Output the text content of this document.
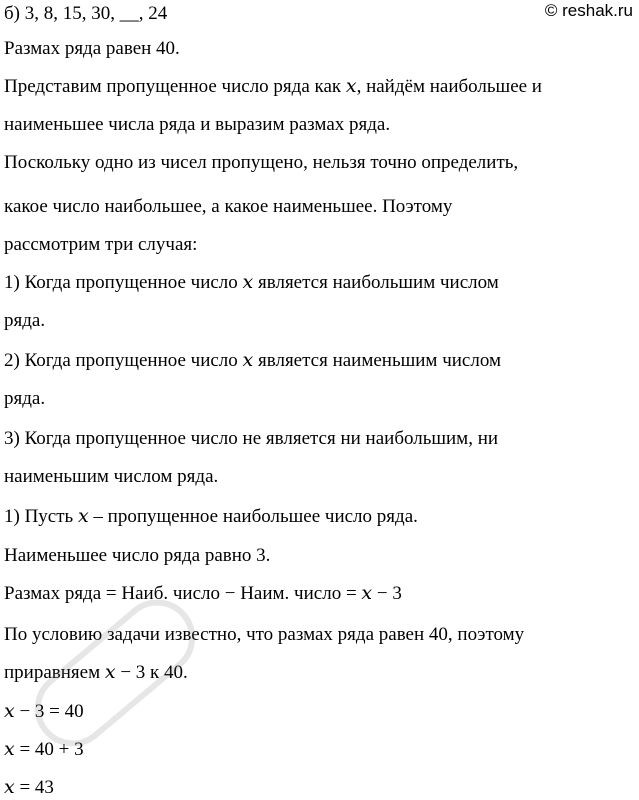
б) 3, 8, 15, 30, __, 24	© reshak.ru
Размах ряда равен 40.
Представим пропущенное число ряда как 𝑥, найдём наибольшее и
наименьшее числа ряда и выразим размах ряда.
Поскольку одно из чисел пропущено, нельзя точно определить,
какое число наибольшее, а какое наименьшее. Поэтому
рассмотрим три случая:
1) Когда пропущенное число 𝑥 является наибольшим числом
ряда.
2) Когда пропущенное число 𝑥 является наименьшим числом
ряда.
3) Когда пропущенное число не является ни наибольшим, ни
наименьшим числом ряда.
1) Пусть 𝑥 – пропущенное наибольшее число ряда.
Наименьшее число ряда равно 3.
Размах ряда = Наиб. число − Наим. число = 𝑥 − 3
По условию задачи известно, что размах ряда равен 40, поэтому
приравняем 𝑥 − 3 к 40.
𝑥 − 3 = 40
𝑥 = 40 + 3
𝑥 = 43
